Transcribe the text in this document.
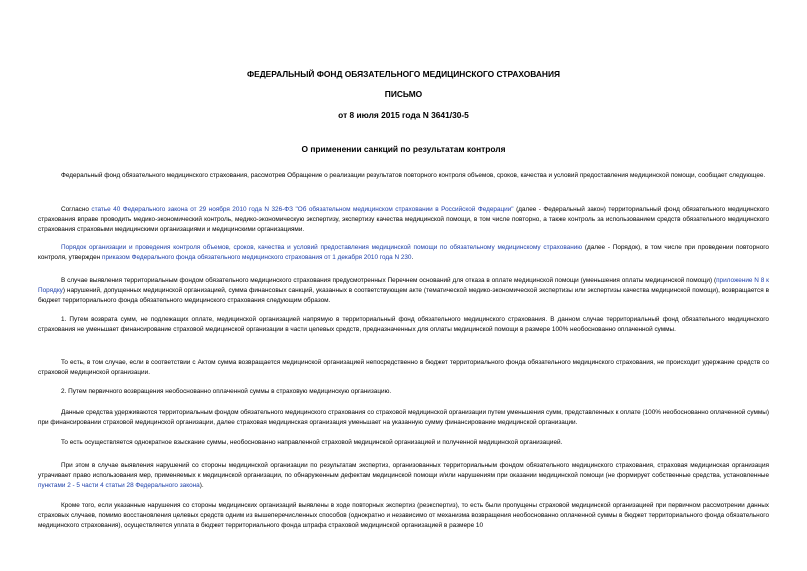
ФЕДЕРАЛЬНЫЙ ФОНД ОБЯЗАТЕЛЬНОГО МЕДИЦИНСКОГО СТРАХОВАНИЯ
ПИСЬМО
от 8 июля 2015 года N 3641/30-5
О применении санкций по результатам контроля

Федеральный фонд обязательного медицинского страхования, рассмотрев Обращение о реализации результатов повторного контроля объемов, сроков, качества и условий предоставления медицинской помощи, сообщает следующее.

Согласно статье 40 Федерального закона от 29 ноября 2010 года N 326-ФЗ "Об обязательном медицинском страховании в Российской Федерации" (далее - Федеральный закон) территориальный фонд обязательного медицинского страхования вправе проводить медико-экономический контроль, медико-экономическую экспертизу, экспертизу качества медицинской помощи, в том числе повторно, а также контроль за использованием средств обязательного медицинского страхования страховыми медицинскими организациями и медицинскими организациями.

Порядок организации и проведения контроля объемов, сроков, качества и условий предоставления медицинской помощи по обязательному медицинскому страхованию (далее - Порядок), в том числе при проведении повторного контроля, утвержден приказом Федерального фонда обязательного медицинского страхования от 1 декабря 2010 года N 230.

В случае выявления территориальным фондом обязательного медицинского страхования предусмотренных Перечнем оснований для отказа в оплате медицинской помощи (уменьшения оплаты медицинской помощи) (приложение N 8 к Порядку) нарушений, допущенных медицинской организацией, сумма финансовых санкций, указанных в соответствующем акте (тематической медико-экономической экспертизы или экспертизы качества медицинской помощи), возвращается в бюджет территориального фонда обязательного медицинского страхования следующим образом.

1. Путем возврата сумм, не подлежащих оплате, медицинской организацией напрямую в территориальный фонд обязательного медицинского страхования. В данном случае территориальный фонд обязательного медицинского страхования не уменьшает финансирование страховой медицинской организации в части целевых средств, предназначенных для оплаты медицинской помощи в размере 100% необоснованно оплаченной суммы.

То есть, в том случае, если в соответствии с Актом сумма возвращается медицинской организацией непосредственно в бюджет территориального фонда обязательного медицинского страхования, не происходит удержание средств со страховой медицинской организации.

2. Путем первичного возвращения необоснованно оплаченной суммы в страховую медицинскую организацию.

Данные средства удерживаются территориальным фондом обязательного медицинского страхования со страховой медицинской организации путем уменьшения сумм, представленных к оплате (100% необоснованно оплаченной суммы) при финансировании страховой медицинской организации, далее страховая медицинская организация уменьшает на указанную сумму финансирование медицинской организации.

То есть осуществляется однократное взыскание суммы, необоснованно направленной страховой медицинской организацией и полученной медицинской организацией.

При этом в случае выявления нарушений со стороны медицинской организации по результатам экспертиз, организованных территориальным фондом обязательного медицинского страхования, страховая медицинская организация утрачивает право использования мер, применяемых к медицинской организации, по обнаруженным дефектам медицинской помощи и/или нарушениям при оказании медицинской помощи (не формирует собственные средства, установленные пунктами 2 - 5 части 4 статьи 28 Федерального закона).

Кроме того, если указанные нарушения со стороны медицинских организаций выявлены в ходе повторных экспертиз (реэкспертиз), то есть были пропущены страховой медицинской организацией при первичном рассмотрении данных страховых случаев, помимо восстановления целевых средств одним из вышеперечисленных способов (однократно и независимо от механизма возвращения необоснованно оплаченной суммы в бюджет территориального фонда обязательного медицинского страхования), осуществляется уплата в бюджет территориального фонда штрафа страховой медицинской организацией в размере 10
